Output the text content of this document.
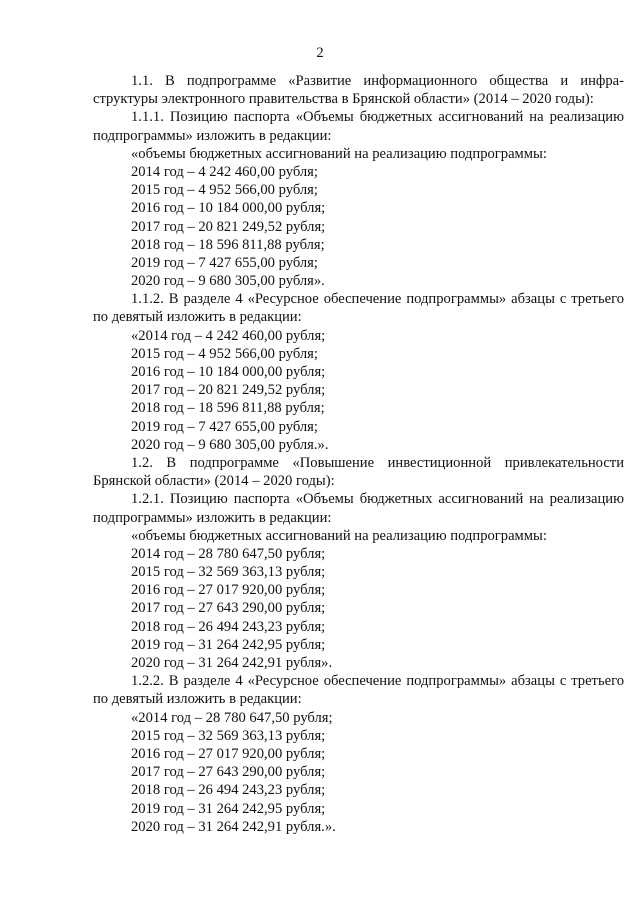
2
1.1. В подпрограмме «Развитие информационного общества и инфра-
структуры электронного правительства в Брянской области» (2014 – 2020 годы):
1.1.1. Позицию паспорта «Объемы бюджетных ассигнований на реализацию
подпрограммы» изложить в редакции:
«объемы бюджетных ассигнований на реализацию подпрограммы:
2014 год – 4 242 460,00 рубля;
2015 год – 4 952 566,00 рубля;
2016 год – 10 184 000,00 рубля;
2017 год – 20 821 249,52 рубля;
2018 год – 18 596 811,88 рубля;
2019 год – 7 427 655,00 рубля;
2020 год – 9 680 305,00 рубля».
1.1.2. В разделе 4 «Ресурсное обеспечение подпрограммы» абзацы с третьего
по девятый изложить в редакции:
«2014 год – 4 242 460,00 рубля;
2015 год – 4 952 566,00 рубля;
2016 год – 10 184 000,00 рубля;
2017 год – 20 821 249,52 рубля;
2018 год – 18 596 811,88 рубля;
2019 год – 7 427 655,00 рубля;
2020 год – 9 680 305,00 рубля.».
1.2. В подпрограмме «Повышение инвестиционной привлекательности
Брянской области» (2014 – 2020 годы):
1.2.1. Позицию паспорта «Объемы бюджетных ассигнований на реализацию
подпрограммы» изложить в редакции:
«объемы бюджетных ассигнований на реализацию подпрограммы:
2014 год – 28 780 647,50 рубля;
2015 год – 32 569 363,13 рубля;
2016 год – 27 017 920,00 рубля;
2017 год – 27 643 290,00 рубля;
2018 год – 26 494 243,23 рубля;
2019 год – 31 264 242,95 рубля;
2020 год – 31 264 242,91 рубля».
1.2.2. В разделе 4 «Ресурсное обеспечение подпрограммы» абзацы с третьего
по девятый изложить в редакции:
«2014 год – 28 780 647,50 рубля;
2015 год – 32 569 363,13 рубля;
2016 год – 27 017 920,00 рубля;
2017 год – 27 643 290,00 рубля;
2018 год – 26 494 243,23 рубля;
2019 год – 31 264 242,95 рубля;
2020 год – 31 264 242,91 рубля.».
